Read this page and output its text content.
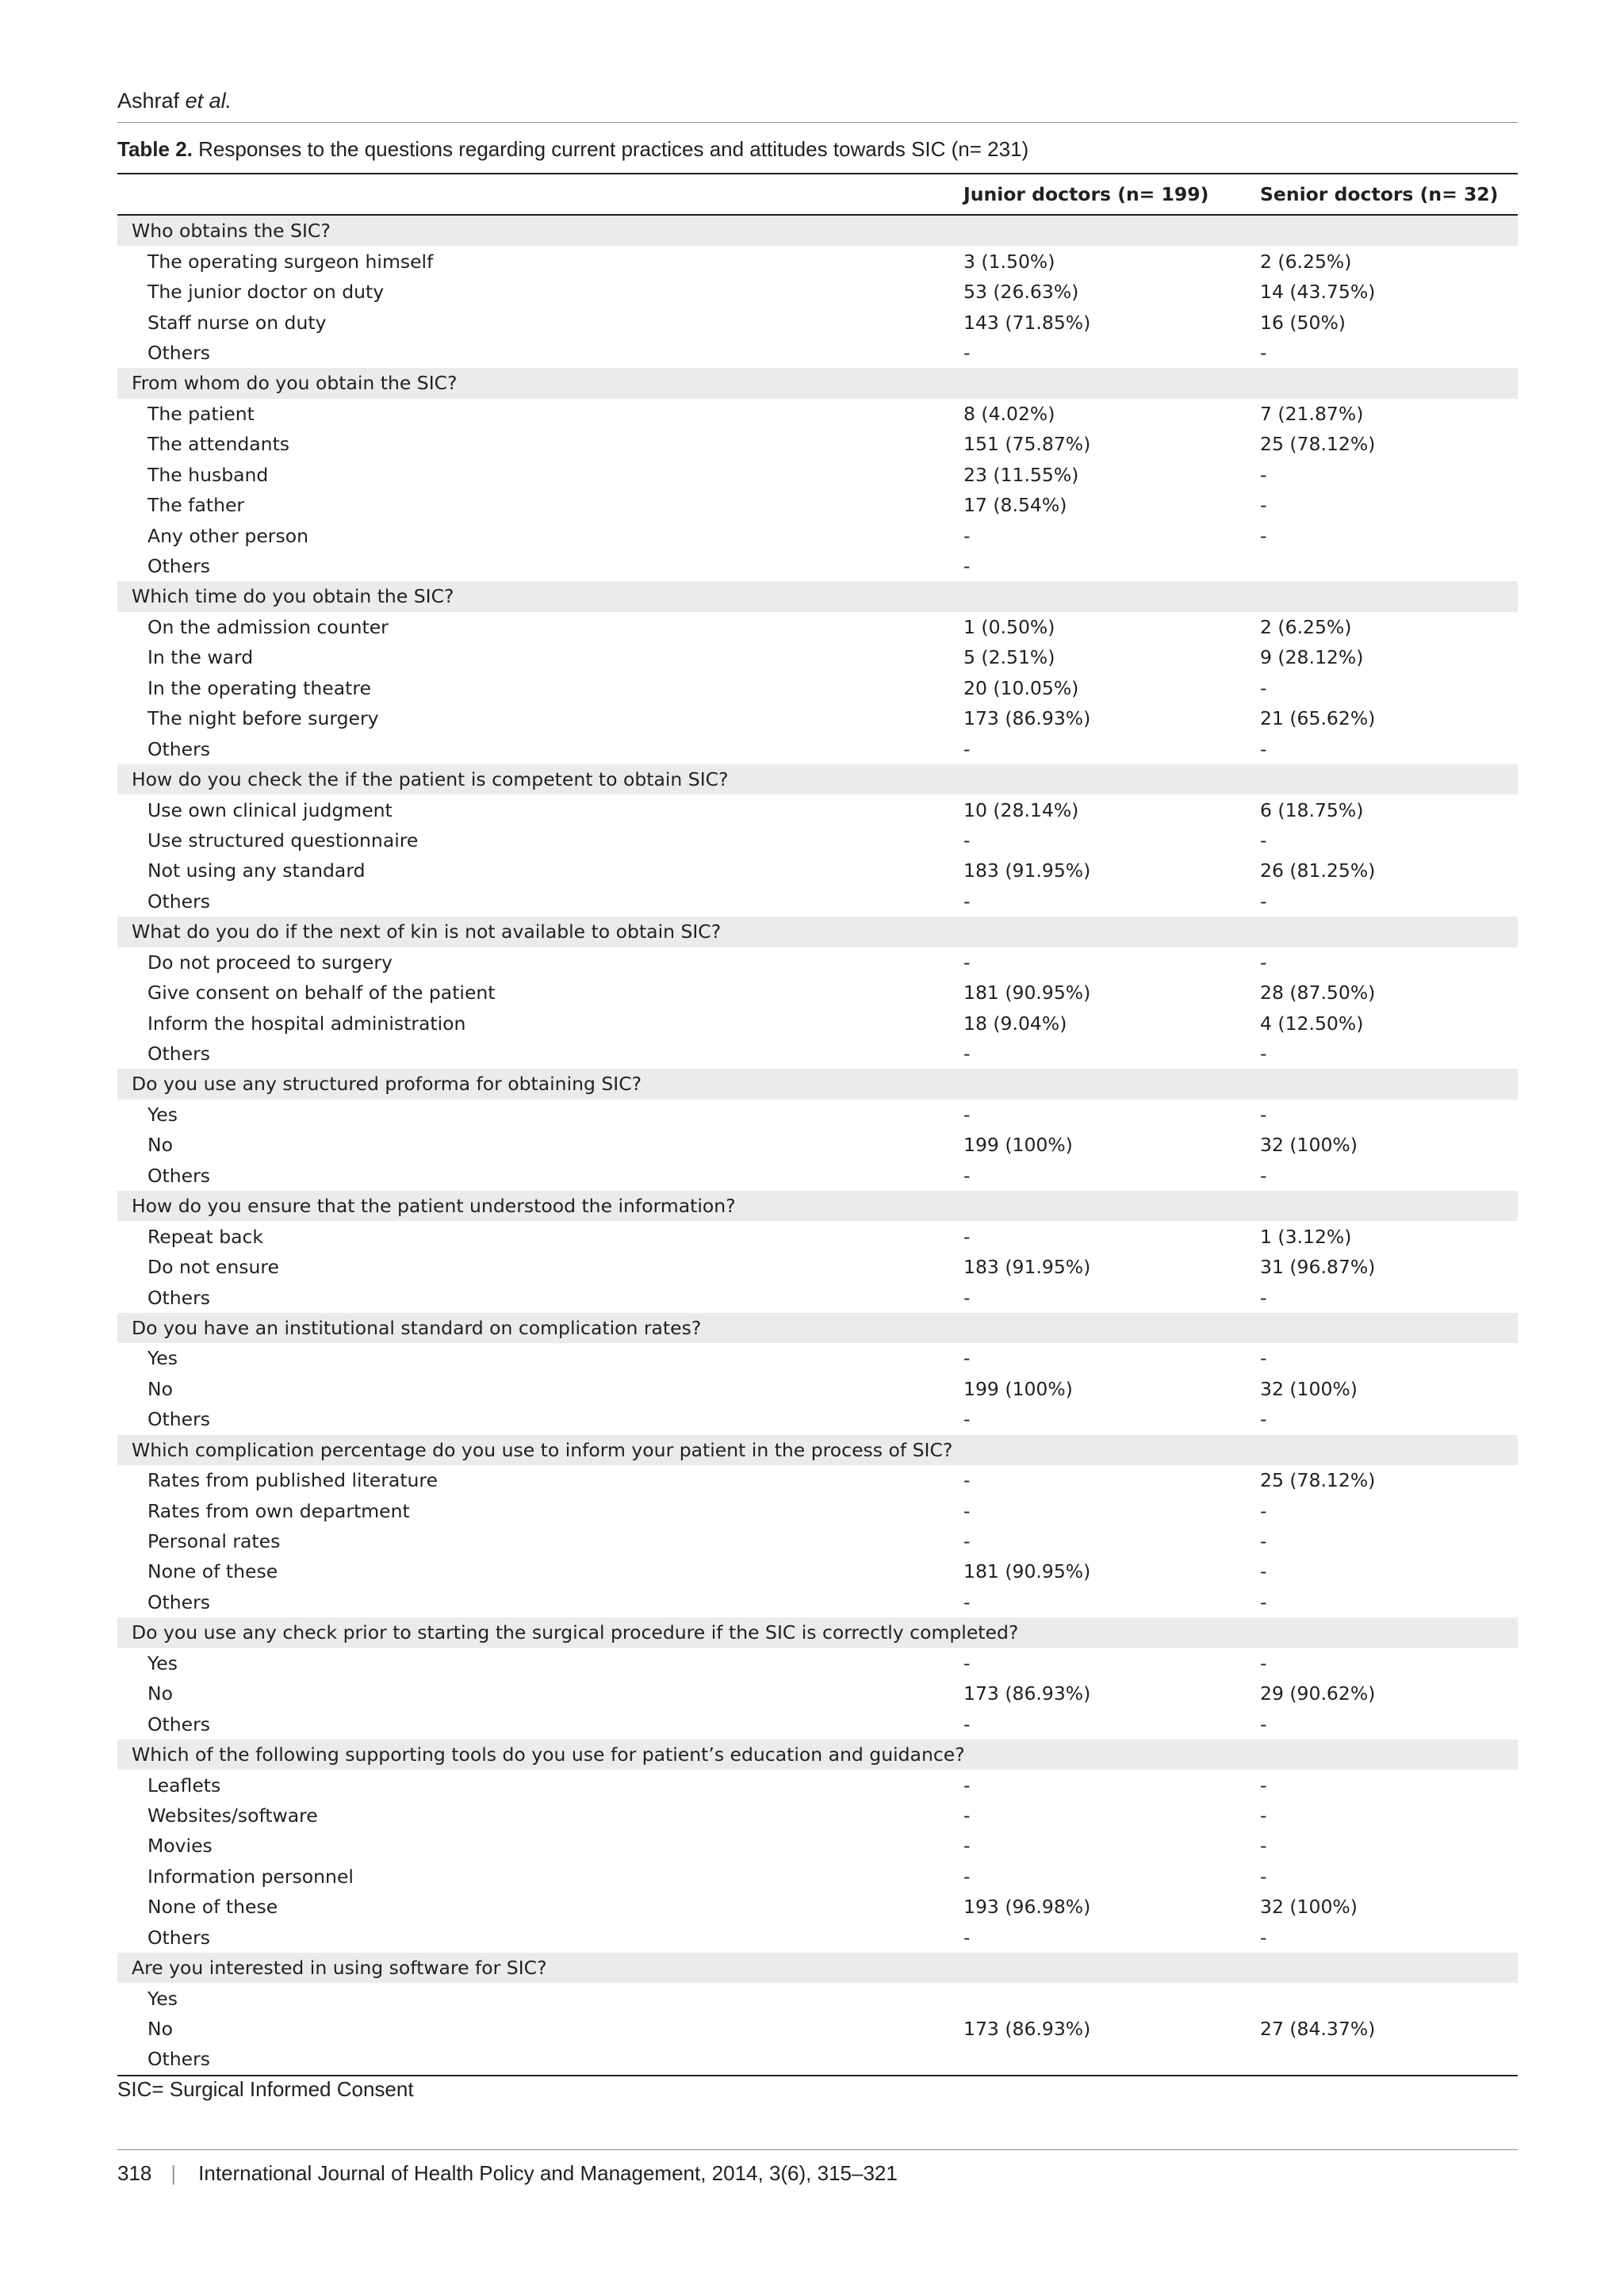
Ashraf et al.
Table 2. Responses to the questions regarding current practices and attitudes towards SIC (n= 231)
	Junior doctors (n= 199)	Senior doctors (n= 32)
Who obtains the SIC?		
The operating surgeon himself	3 (1.50%)	2 (6.25%)
The junior doctor on duty	53 (26.63%)	14 (43.75%)
Staff nurse on duty	143 (71.85%)	16 (50%)
Others	-	-
From whom do you obtain the SIC?		
The patient	8 (4.02%)	7 (21.87%)
The attendants	151 (75.87%)	25 (78.12%)
The husband	23 (11.55%)	-
The father	17 (8.54%)	-
Any other person	-	-
Others	-	
Which time do you obtain the SIC?		
On the admission counter	1 (0.50%)	2 (6.25%)
In the ward	5 (2.51%)	9 (28.12%)
In the operating theatre	20 (10.05%)	-
The night before surgery	173 (86.93%)	21 (65.62%)
Others	-	-
How do you check the if the patient is competent to obtain SIC?		
Use own clinical judgment	10 (28.14%)	6 (18.75%)
Use structured questionnaire	-	-
Not using any standard	183 (91.95%)	26 (81.25%)
Others	-	-
What do you do if the next of kin is not available to obtain SIC?		
Do not proceed to surgery	-	-
Give consent on behalf of the patient	181 (90.95%)	28 (87.50%)
Inform the hospital administration	18 (9.04%)	4 (12.50%)
Others	-	-
Do you use any structured proforma for obtaining SIC?		
Yes	-	-
No	199 (100%)	32 (100%)
Others	-	-
How do you ensure that the patient understood the information?		
Repeat back	-	1 (3.12%)
Do not ensure	183 (91.95%)	31 (96.87%)
Others	-	-
Do you have an institutional standard on complication rates?		
Yes	-	-
No	199 (100%)	32 (100%)
Others	-	-
Which complication percentage do you use to inform your patient in the process of SIC?		
Rates from published literature	-	25 (78.12%)
Rates from own department	-	-
Personal rates	-	-
None of these	181 (90.95%)	-
Others	-	-
Do you use any check prior to starting the surgical procedure if the SIC is correctly completed?		
Yes	-	-
No	173 (86.93%)	29 (90.62%)
Others	-	-
Which of the following supporting tools do you use for patient’s education and guidance?		
Leaflets	-	-
Websites/software	-	-
Movies	-	-
Information personnel	-	-
None of these	193 (96.98%)	32 (100%)
Others	-	-
Are you interested in using software for SIC?		
Yes		
No	173 (86.93%)	27 (84.37%)
Others		
SIC= Surgical Informed Consent
318 | International Journal of Health Policy and Management, 2014, 3(6), 315–321
